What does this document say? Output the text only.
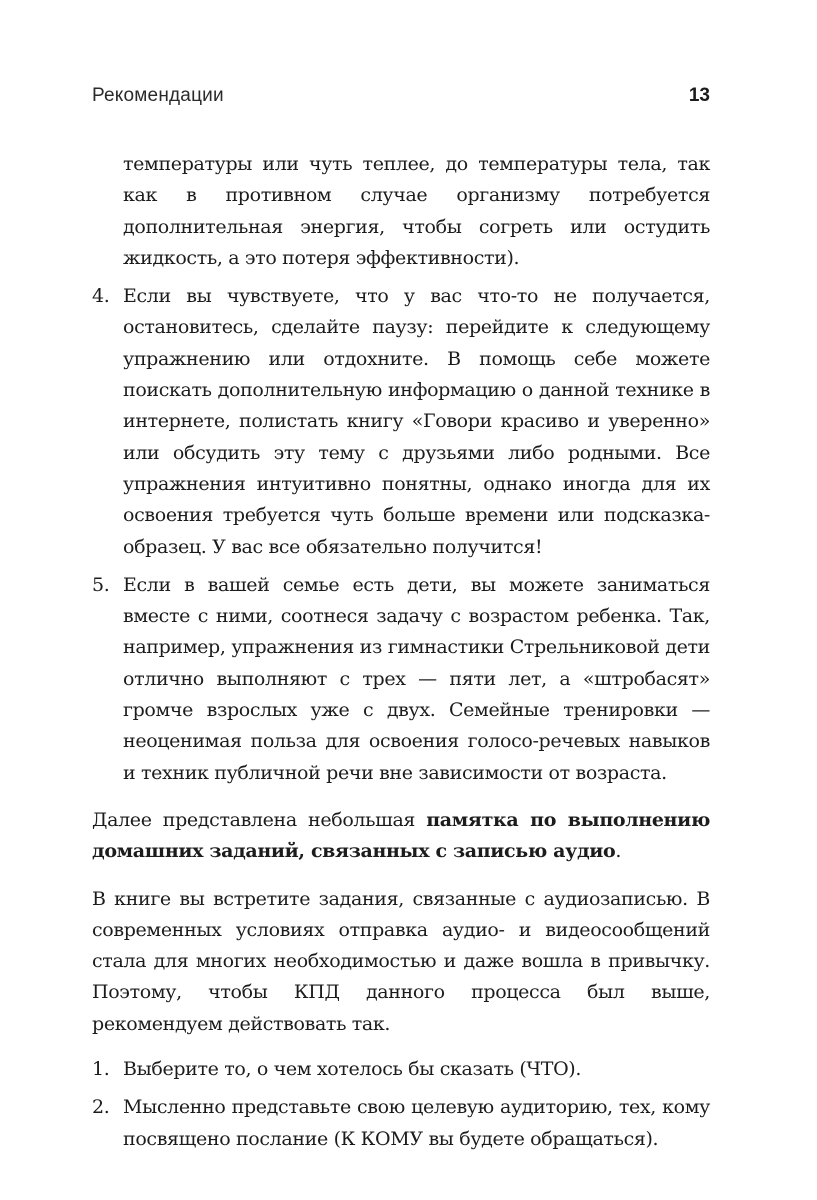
Рекомендации	13

температуры или чуть теплее, до температуры тела, так как в противном случае организму потребуется дополнительная энергия, чтобы согреть или остудить жидкость, а это потеря эффективности).

4. Если вы чувствуете, что у вас что-то не получается, остановитесь, сделайте паузу: перейдите к следующему упражнению или отдохните. В помощь себе можете поискать дополнительную информацию о данной технике в интернете, полистать книгу «Говори красиво и уверенно» или обсудить эту тему с друзьями либо родными. Все упражнения интуитивно понятны, однако иногда для их освоения требуется чуть больше времени или подсказка-образец. У вас все обязательно получится!
5. Если в вашей семье есть дети, вы можете заниматься вместе с ними, соотнеся задачу с возрастом ребенка. Так, например, упражнения из гимнастики Стрельниковой дети отлично выполняют с трех — пяти лет, а «штробасят» громче взрослых уже с двух. Семейные тренировки — неоценимая польза для освоения голосо-речевых навыков и техник публичной речи вне зависимости от возраста.

Далее представлена небольшая памятка по выполнению домашних заданий, связанных с записью аудио.

В книге вы встретите задания, связанные с аудиозаписью. В современных условиях отправка аудио- и видеосообщений стала для многих необходимостью и даже вошла в привычку. Поэтому, чтобы КПД данного процесса был выше, рекомендуем действовать так.

1. Выберите то, о чем хотелось бы сказать (ЧТО).
2. Мысленно представьте свою целевую аудиторию, тех, кому посвящено послание (К КОМУ вы будете обращаться).
